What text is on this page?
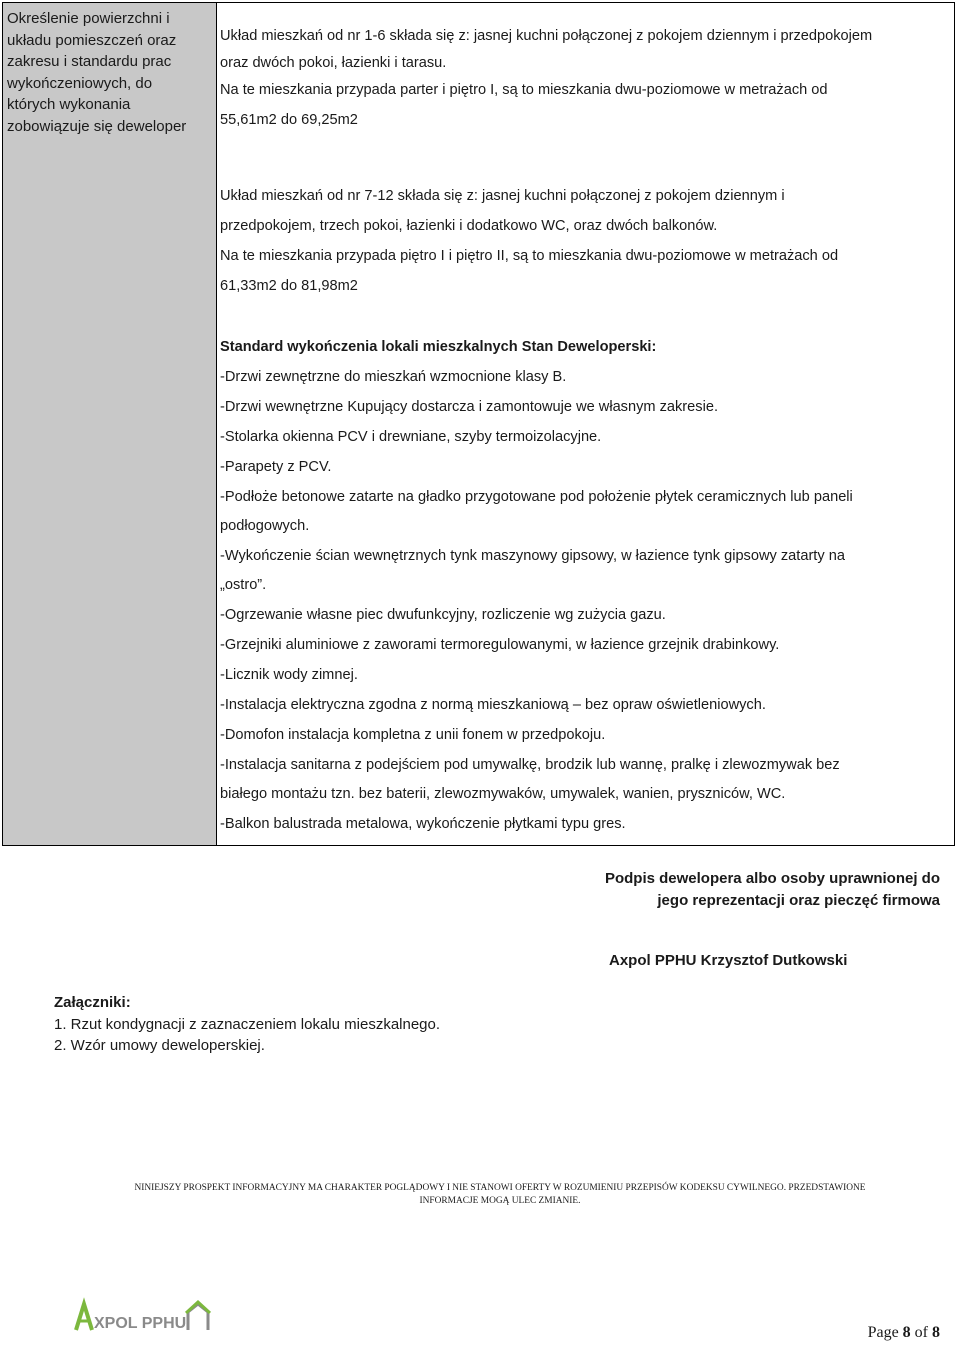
Określenie powierzchni i
układu pomieszczeń oraz
zakresu i standardu prac
wykończeniowych, do
których wykonania
zobowiązuje się deweloper
Układ mieszkań od nr 1-6 składa się z: jasnej kuchni połączonej z pokojem dziennym i przedpokojem
oraz dwóch pokoi, łazienki i tarasu.
Na te mieszkania przypada parter i piętro I, są to mieszkania dwu-poziomowe w metrażach od
55,61m2 do 69,25m2
Układ mieszkań od nr 7-12 składa się z: jasnej kuchni połączonej z pokojem dziennym i
przedpokojem, trzech pokoi, łazienki i dodatkowo WC, oraz dwóch balkonów.
Na te mieszkania przypada piętro I i piętro II, są to mieszkania dwu-poziomowe w metrażach od
61,33m2 do 81,98m2
Standard wykończenia lokali mieszkalnych Stan Deweloperski:
-Drzwi zewnętrzne do mieszkań wzmocnione klasy B.
-Drzwi wewnętrzne Kupujący dostarcza i zamontowuje we własnym zakresie.
-Stolarka okienna PCV i drewniane, szyby termoizolacyjne.
-Parapety z PCV.
-Podłoże betonowe zatarte na gładko przygotowane pod położenie płytek ceramicznych lub paneli
podłogowych.
-Wykończenie ścian wewnętrznych tynk maszynowy gipsowy, w łazience tynk gipsowy zatarty na
„ostro”.
-Ogrzewanie własne piec dwufunkcyjny, rozliczenie wg zużycia gazu.
-Grzejniki aluminiowe z zaworami termoregulowanymi, w łazience grzejnik drabinkowy.
-Licznik wody zimnej.
-Instalacja elektryczna zgodna z normą mieszkaniową – bez opraw oświetleniowych.
-Domofon instalacja kompletna z unii fonem w przedpokoju.
-Instalacja sanitarna z podejściem pod umywalkę, brodzik lub wannę, pralkę i zlewozmywak bez
białego montażu tzn. bez baterii, zlewozmywaków, umywalek, wanien, pryszniców, WC.
-Balkon balustrada metalowa, wykończenie płytkami typu gres.
Podpis dewelopera albo osoby uprawnionej do
jego reprezentacji oraz pieczęć firmowa
Axpol PPHU Krzysztof Dutkowski
Załączniki:
1. Rzut kondygnacji z zaznaczeniem lokalu mieszkalnego.
2. Wzór umowy deweloperskiej.
NINIEJSZY PROSPEKT INFORMACYJNY MA CHARAKTER POGLĄDOWY I NIE STANOWI OFERTY W ROZUMIENIU PRZEPISÓW KODEKSU CYWILNEGO. PRZEDSTAWIONE
INFORMACJE MOGĄ ULEC ZMIANIE.
XPOL PPHU
Page 8 of 8
